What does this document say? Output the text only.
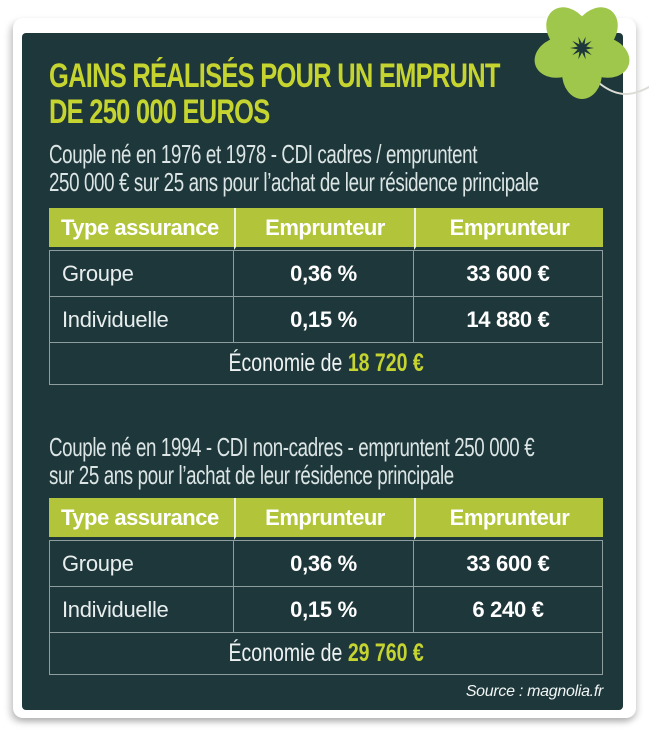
GAINS RÉALISÉS POUR UN EMPRUNT
DE 250 000 EUROS
Couple né en 1976 et 1978 - CDI cadres / empruntent
250 000 € sur 25 ans pour l’achat de leur résidence principale
Type assurance	Emprunteur	Emprunteur
Groupe	0,36 %	33 600 €
Individuelle	0,15 %	14 880 €
Économie de 18 720 €		
Couple né en 1994 - CDI non-cadres - empruntent 250 000 €
sur 25 ans pour l’achat de leur résidence principale
Type assurance	Emprunteur	Emprunteur
Groupe	0,36 %	33 600 €
Individuelle	0,15 %	6 240 €
Économie de 29 760 €		
Source : magnolia.fr
